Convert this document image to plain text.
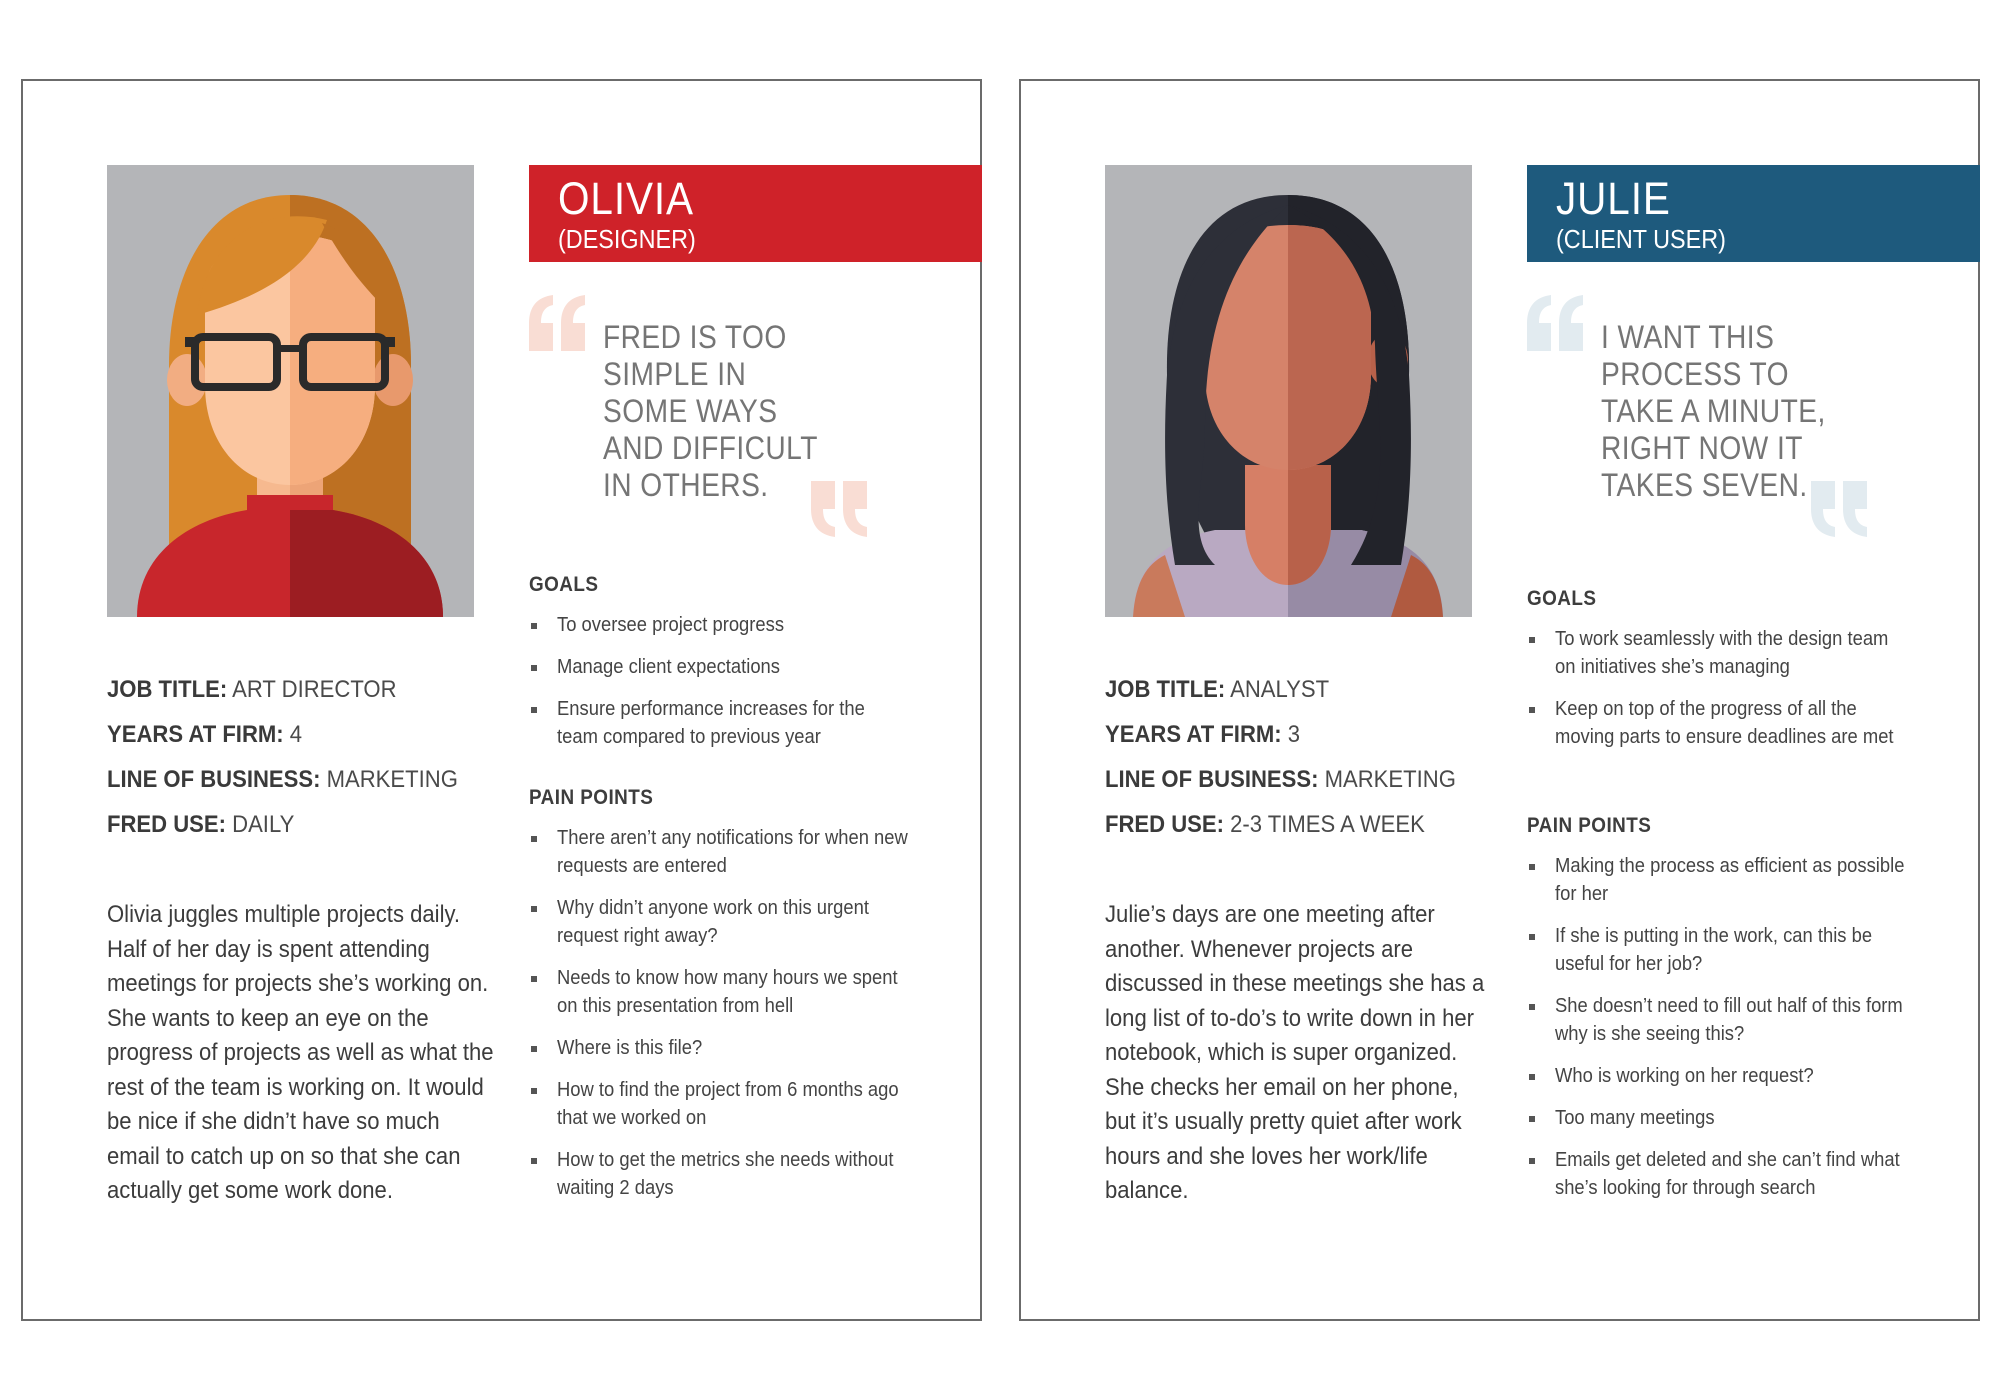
OLIVIA
(DESIGNER)
FRED IS TOO
SIMPLE IN
SOME WAYS
AND DIFFICULT
IN OTHERS.
GOALS
To oversee project progress
Manage client expectations
Ensure performance increases for the team compared to previous year
PAIN POINTS
There aren’t any notifications for when new requests are entered
Why didn’t anyone work on this urgent request right away?
Needs to know how many hours we spent on this presentation from hell
Where is this file?
How to find the project from 6 months ago that we worked on
How to get the metrics she needs without waiting 2 days
JOB TITLE: ART DIRECTOR
YEARS AT FIRM: 4
LINE OF BUSINESS: MARKETING
FRED USE: DAILY
Olivia juggles multiple projects daily. Half of her day is spent attending meetings for projects she’s working on. She wants to keep an eye on the progress of projects as well as what the rest of the team is working on. It would be nice if she didn’t have so much email to catch up on so that she can actually get some work done.
JULIE
(CLIENT USER)
I WANT THIS
PROCESS TO
TAKE A MINUTE,
RIGHT NOW IT
TAKES SEVEN.
GOALS
To work seamlessly with the design team on initiatives she’s managing
Keep on top of the progress of all the moving parts to ensure deadlines are met
PAIN POINTS
Making the process as efficient as possible for her
If she is putting in the work, can this be useful for her job?
She doesn’t need to fill out half of this form why is she seeing this?
Who is working on her request?
Too many meetings
Emails get deleted and she can’t find what she’s looking for through search
JOB TITLE: ANALYST
YEARS AT FIRM: 3
LINE OF BUSINESS: MARKETING
FRED USE: 2-3 TIMES A WEEK
Julie’s days are one meeting after another. Whenever projects are discussed in these meetings she has a long list of to-do’s to write down in her notebook, which is super organized. She checks her email on her phone, but it’s usually pretty quiet after work hours and she loves her work/life balance.
